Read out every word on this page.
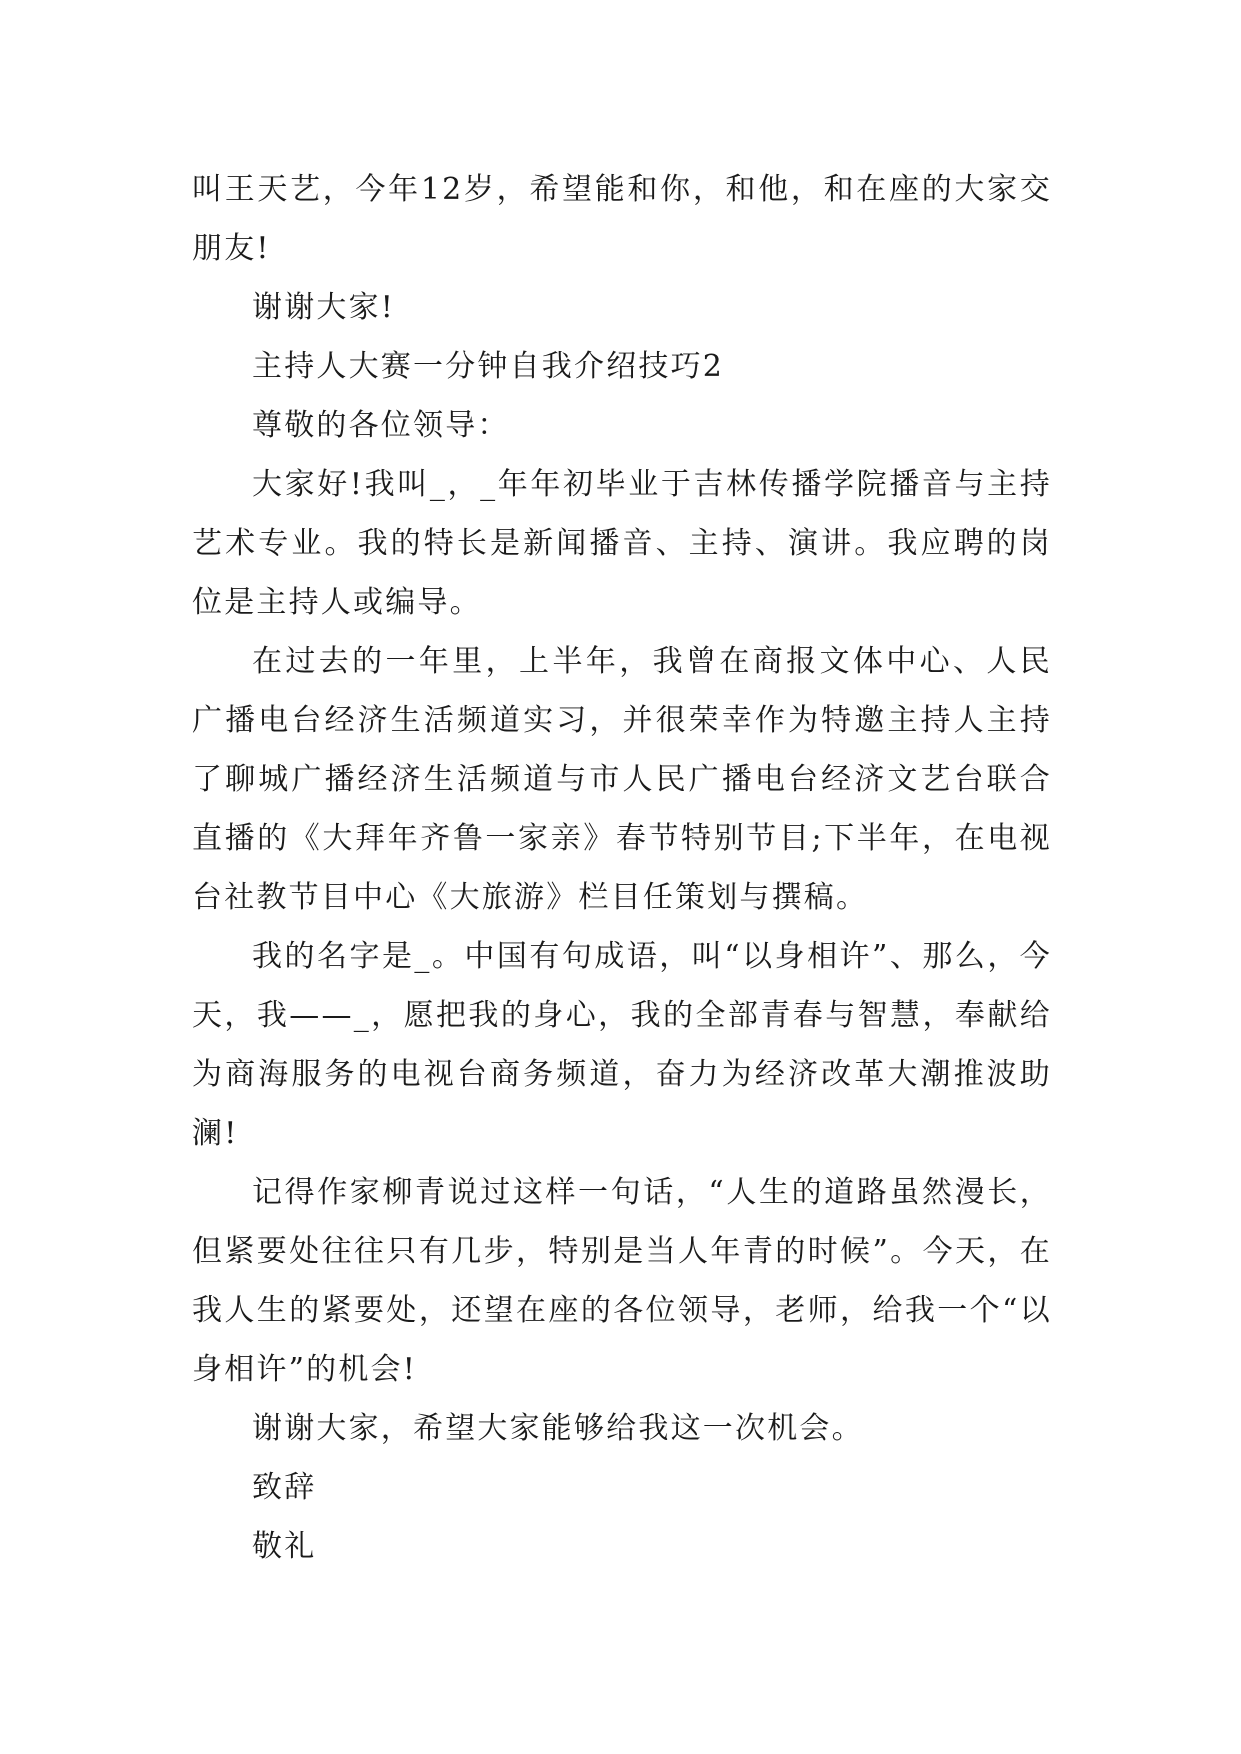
叫王天艺，今年12岁，希望能和你，和他，和在座的大家交朋友!

谢谢大家!

主持人大赛一分钟自我介绍技巧2

尊敬的各位领导：

大家好!我叫_，_年年初毕业于吉林传播学院播音与主持艺术专业。我的特长是新闻播音、主持、演讲。我应聘的岗位是主持人或编导。

在过去的一年里，上半年，我曾在商报文体中心、人民广播电台经济生活频道实习，并很荣幸作为特邀主持人主持了聊城广播经济生活频道与市人民广播电台经济文艺台联合直播的《大拜年齐鲁一家亲》春节特别节目;下半年，在电视台社教节目中心《大旅游》栏目任策划与撰稿。

我的名字是_。中国有句成语，叫“以身相许”、那么，今天，我——_，愿把我的身心，我的全部青春与智慧，奉献给为商海服务的电视台商务频道，奋力为经济改革大潮推波助澜!

记得作家柳青说过这样一句话，“人生的道路虽然漫长，但紧要处往往只有几步，特别是当人年青的时候”。今天，在我人生的紧要处，还望在座的各位领导，老师，给我一个“以身相许”的机会!

谢谢大家，希望大家能够给我这一次机会。

致辞

敬礼
